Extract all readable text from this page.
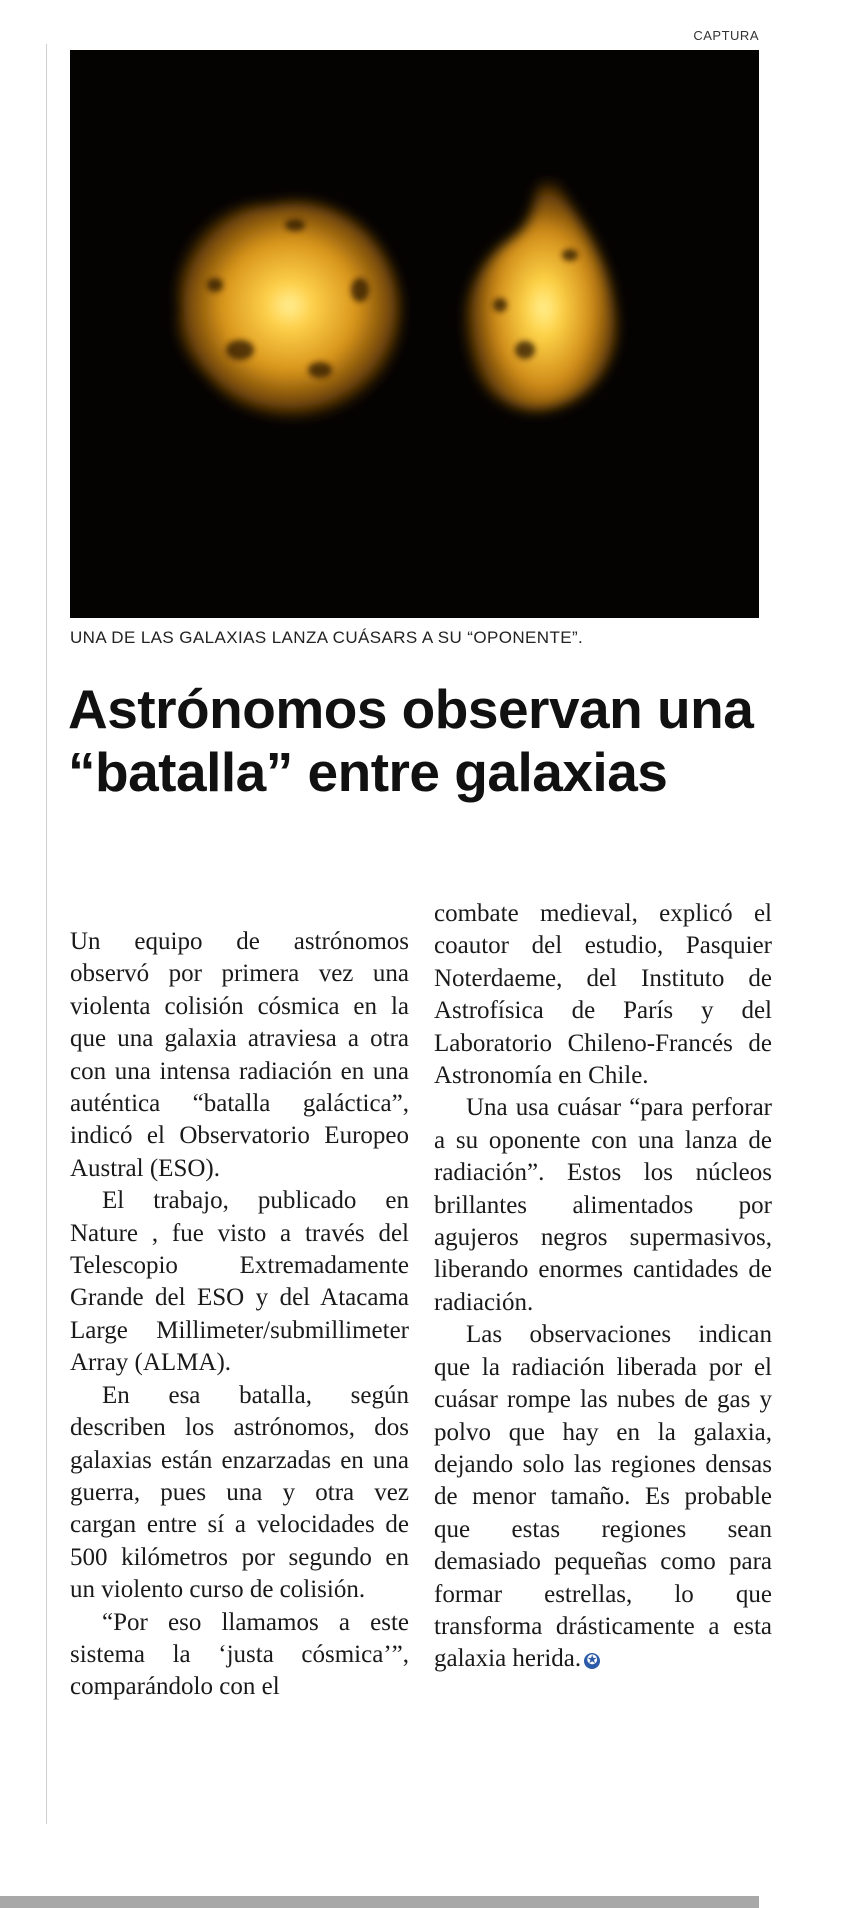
CAPTURA
UNA DE LAS GALAXIAS LANZA CUÁSARS A SU “OPONENTE”.
Astrónomos observan una “batalla” entre galaxias

Un equipo de astrónomos observó por primera vez una violenta colisión cósmica en la que una galaxia atraviesa a otra con una intensa radiación en una auténtica “batalla galáctica”, indicó el Observatorio Europeo Austral (ESO).

El trabajo, publicado en Nature , fue visto a través del Telescopio Extremadamente Grande del ESO y del Atacama Large Millimeter/submillimeter Array (ALMA).

En esa batalla, según describen los astrónomos, dos galaxias están enzarzadas en una guerra, pues una y otra vez cargan entre sí a velocidades de 500 kilómetros por segundo en un violento curso de colisión.

“Por eso llamamos a este sistema la ‘justa cósmica’”, comparándolo con el

combate medieval, explicó el coautor del estudio, Pasquier Noterdaeme, del Instituto de Astrofísica de París y del Laboratorio Chileno-Francés de Astronomía en Chile.

Una usa cuásar “para perforar a su oponente con una lanza de radiación”. Estos los núcleos brillantes alimentados por agujeros negros supermasivos, liberando enormes cantidades de radiación.

Las observaciones indican que la radiación liberada por el cuásar rompe las nubes de gas y polvo que hay en la galaxia, dejando solo las regiones densas de menor tamaño. Es probable que estas regiones sean demasiado pequeñas como para formar estrellas, lo que transforma drásticamente a esta galaxia herida. ✪
